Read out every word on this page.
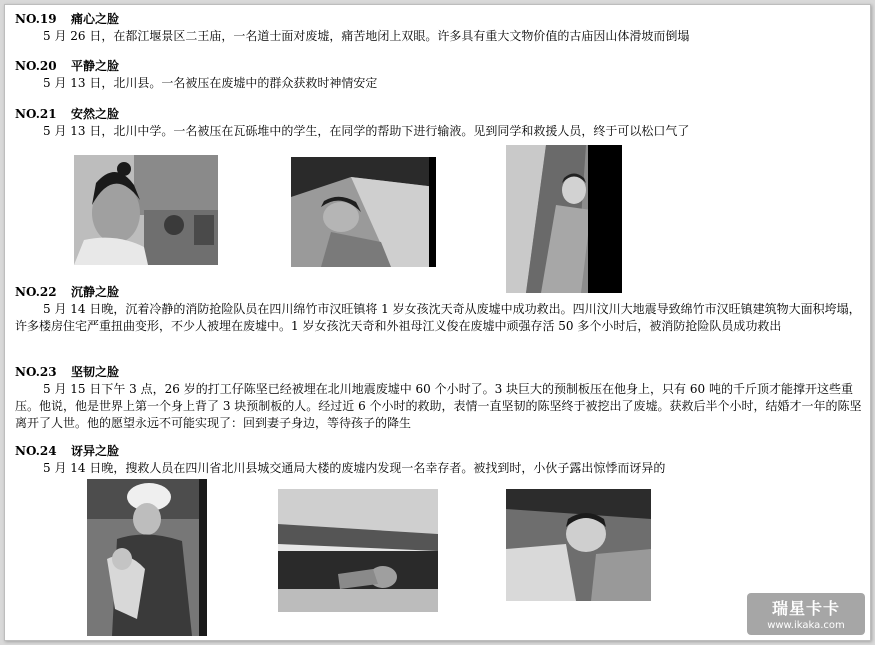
NO.19 痛心之脸
5 月 26 日，在都江堰景区二王庙，一名道士面对废墟，痛苦地闭上双眼。许多具有重大文物价值的古庙因山体滑坡而倒塌
NO.20 平静之脸
5 月 13 日，北川县。一名被压在废墟中的群众获救时神情安定
NO.21 安然之脸
5 月 13 日，北川中学。一名被压在瓦砾堆中的学生，在同学的帮助下进行输液。见到同学和救援人员，终于可以松口气了
NO.22 沉静之脸
5 月 14 日晚，沉着冷静的消防抢险队员在四川绵竹市汉旺镇将 1 岁女孩沈天奇从废墟中成功救出。四川汶川大地震导致绵竹市汉旺镇建筑物大面积垮塌，许多楼房住宅严重扭曲变形，不少人被埋在废墟中。1 岁女孩沈天奇和外祖母江义俊在废墟中顽强存活 50 多个小时后，被消防抢险队员成功救出
NO.23 坚韧之脸
5 月 15 日下午 3 点，26 岁的打工仔陈坚已经被埋在北川地震废墟中 60 个小时了。3 块巨大的预制板压在他身上，只有 60 吨的千斤顶才能撑开这些重压。他说，他是世界上第一个身上背了 3 块预制板的人。经过近 6 个小时的救助，表情一直坚韧的陈坚终于被挖出了废墟。获救后半个小时，结婚才一年的陈坚离开了人世。他的愿望永远不可能实现了：回到妻子身边，等待孩子的降生
NO.24 讶异之脸
5 月 14 日晚，搜救人员在四川省北川县城交通局大楼的废墟内发现一名幸存者。被找到时，小伙子露出惊悸而讶异的
瑞星卡卡
www.ikaka.com
